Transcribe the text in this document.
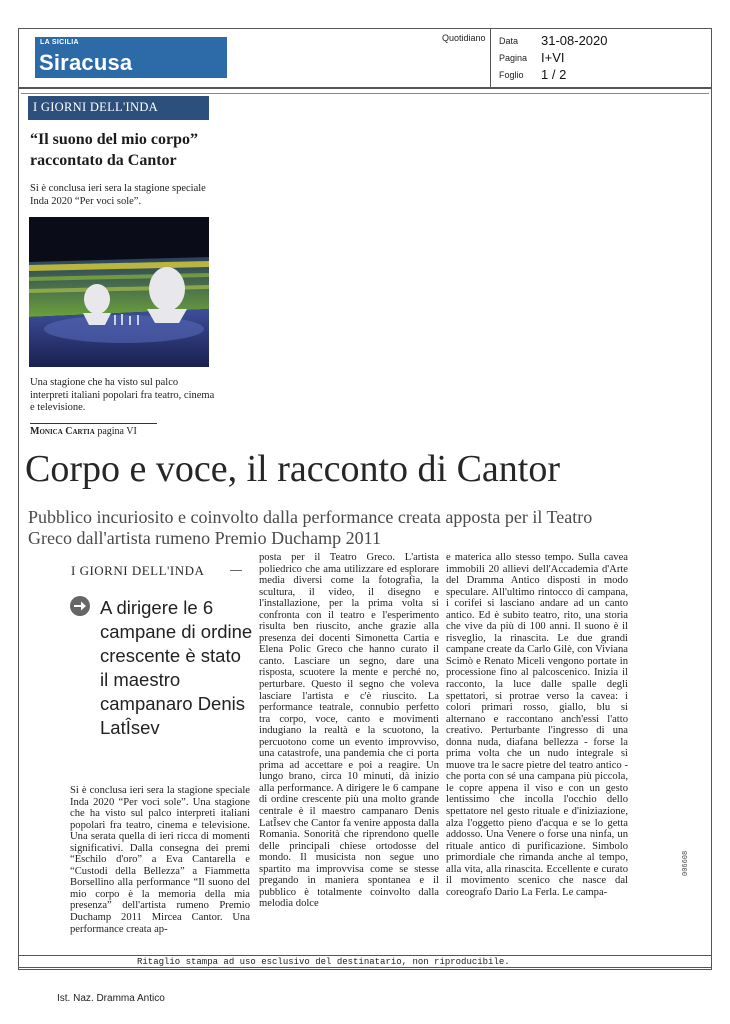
LA SICILIA
Siracusa
Quotidiano Data 31-08-2020
Pagina I+VI
Foglio 1 / 2
I GIORNI DELL'INDA
“Il suono del mio corpo” raccontato da Cantor
Si è conclusa ieri sera la stagione speciale Inda 2020 “Per voci sole”.
Una stagione che ha visto sul palco interpreti italiani popolari fra teatro, cinema e televisione.
Monica Cartia pagina VI
Corpo e voce, il racconto di Cantor
Pubblico incuriosito e coinvolto dalla performance creata apposta per il Teatro Greco dall'artista rumeno Premio Duchamp 2011
I GIORNI DELL'INDA
A dirigere le 6 campane di ordine crescente è stato il maestro campanaro Denis LatÎsev
Si è conclusa ieri sera la stagione speciale Inda 2020 “Per voci sole”. Una stagione che ha visto sul palco interpreti italiani popolari fra teatro, cinema e televisione. Una serata quella di ieri ricca di momenti significativi. Dalla consegna dei premi “Eschilo d'oro” a Eva Cantarella e “Custodi della Bellezza” a Fiammetta Borsellino alla performance “Il suono del mio corpo è la memoria della mia presenza” dell'artista rumeno Premio Duchamp 2011 Mircea Cantor. Una performance creata ap-
posta per il Teatro Greco. L'artista poliedrico che ama utilizzare ed esplorare media diversi come la fotografia, la scultura, il video, il disegno e l'installazione, per la prima volta si confronta con il teatro e l'esperimento risulta ben riuscito, anche grazie alla presenza dei docenti Simonetta Cartia e Elena Polic Greco che hanno curato il canto. Lasciare un segno, dare una risposta, scuotere la mente e perché no, perturbare. Questo il segno che voleva lasciare l'artista e c'è riuscito. La performance teatrale, connubio perfetto tra corpo, voce, canto e movimenti indugiano la realtà e la scuotono, la percuotono come un evento improvviso, una catastrofe, una pandemia che ci porta prima ad accettare e poi a reagire. Un lungo brano, circa 10 minuti, dà inizio alla performance. A dirigere le 6 campane di ordine crescente più una molto grande centrale è il maestro campanaro Denis LatÎsev che Cantor fa venire apposta dalla Romania. Sonorità che riprendono quelle delle principali chiese ortodosse del mondo. Il musicista non segue uno spartito ma improvvisa come se stesse pregando in maniera spontanea e il pubblico è totalmente coinvolto dalla melodia dolce
e materica allo stesso tempo. Sulla cavea immobili 20 allievi dell'Accademia d'Arte del Dramma Antico disposti in modo speculare. All'ultimo rintocco di campana, i corifei si lasciano andare ad un canto antico. Ed è subito teatro, rito, una storia che vive da più di 100 anni. Il suono è il risveglio, la rinascita. Le due grandi campane create da Carlo Gilè, con Viviana Scimò e Renato Miceli vengono portate in processione fino al palcoscenico. Inizia il racconto, la luce dalle spalle degli spettatori, si protrae verso la cavea: i colori primari rosso, giallo, blu si alternano e raccontano anch'essi l'atto creativo. Perturbante l'ingresso di una donna nuda, diafana bellezza - forse la prima volta che un nudo integrale si muove tra le sacre pietre del teatro antico - che porta con sé una campana più piccola, le copre appena il viso e con un gesto lentissimo che incolla l'occhio dello spettatore nel gesto rituale e d'iniziazione, alza l'oggetto pieno d'acqua e se lo getta addosso. Una Venere o forse una ninfa, un rituale antico di purificazione. Simbolo primordiale che rimanda anche al tempo, alla vita, alla rinascita. Eccellente e curato il movimento scenico che nasce dal coreografo Dario La Ferla. Le campa-
Ritaglio stampa ad uso esclusivo del destinatario, non riproducibile.
006608
Ist. Naz. Dramma Antico
